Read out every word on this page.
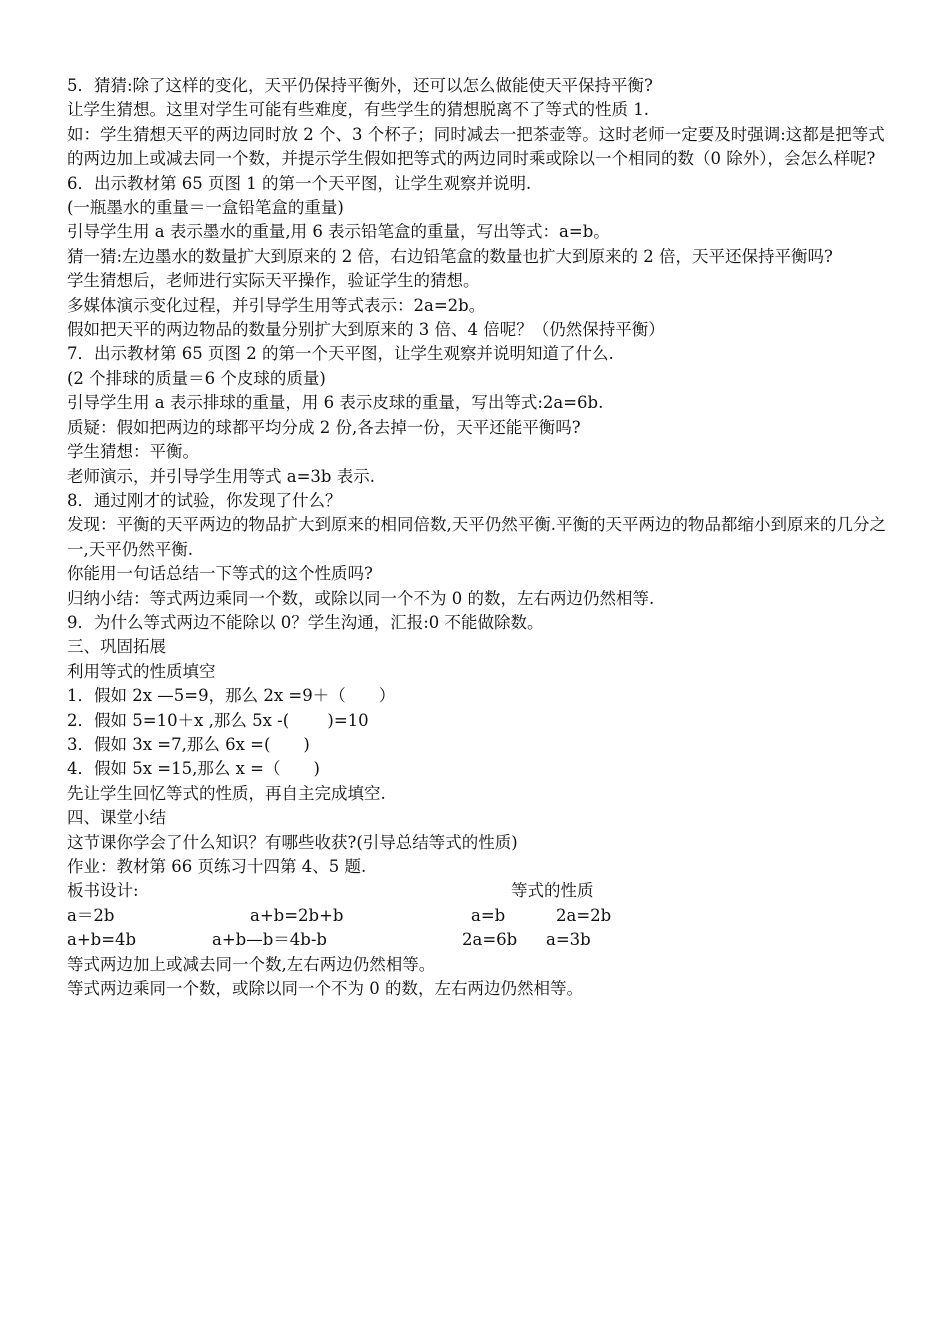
5．猜猜:除了这样的变化，天平仍保持平衡外，还可以怎么做能使天平保持平衡?

让学生猜想。这里对学生可能有些难度，有些学生的猜想脱离不了等式的性质 1.

如：学生猜想天平的两边同时放 2 个、3 个杯子；同时减去一把茶壶等。这时老师一定要及时强调:这都是把等式的两边加上或减去同一个数，并提示学生假如把等式的两边同时乘或除以一个相同的数（0 除外），会怎么样呢?

6．出示教材第 65 页图 1 的第一个天平图，让学生观察并说明.

(一瓶墨水的重量＝一盒铅笔盒的重量)

引导学生用 a 表示墨水的重量,用 6 表示铅笔盒的重量，写出等式：a=b。

猜一猜:左边墨水的数量扩大到原来的 2 倍，右边铅笔盒的数量也扩大到原来的 2 倍，天平还保持平衡吗?

学生猜想后，老师进行实际天平操作，验证学生的猜想。

多媒体演示变化过程，并引导学生用等式表示：2a=2b。

假如把天平的两边物品的数量分别扩大到原来的 3 倍、4 倍呢？（仍然保持平衡）

7．出示教材第 65 页图 2 的第一个天平图，让学生观察并说明知道了什么.

(2 个排球的质量＝6 个皮球的质量)

引导学生用 a 表示排球的重量，用 6 表示皮球的重量，写出等式:2a=6b.

质疑：假如把两边的球都平均分成 2 份,各去掉一份，天平还能平衡吗?

学生猜想：平衡。

老师演示，并引导学生用等式 a=3b 表示.

8．通过刚才的试验，你发现了什么？

发现：平衡的天平两边的物品扩大到原来的相同倍数,天平仍然平衡.平衡的天平两边的物品都缩小到原来的几分之一,天平仍然平衡.

你能用一句话总结一下等式的这个性质吗?

归纳小结：等式两边乘同一个数，或除以同一个不为 0 的数，左右两边仍然相等.

9．为什么等式两边不能除以 0？学生沟通，汇报:0 不能做除数。

三、巩固拓展

利用等式的性质填空

1．假如 2x —5=9，那么 2x =9＋（　　）

2．假如 5=10＋x ,那么 5x -(　　 )=10

3．假如 3x =7,那么 6x =(　　)

4．假如 5x =15,那么 x =（　　)

先让学生回忆等式的性质，再自主完成填空.

四、课堂小结

这节课你学会了什么知识？有哪些收获?(引导总结等式的性质)

作业：教材第 66 页练习十四第 4、5 题.

板书设计:	等式的性质
a＝2b	a+b=2b+b	a=b	2a=2b
a+b=4b	a+b—b＝4b-b	2a=6b a=3b

等式两边加上或减去同一个数,左右两边仍然相等。

等式两边乘同一个数，或除以同一个不为 0 的数，左右两边仍然相等。
